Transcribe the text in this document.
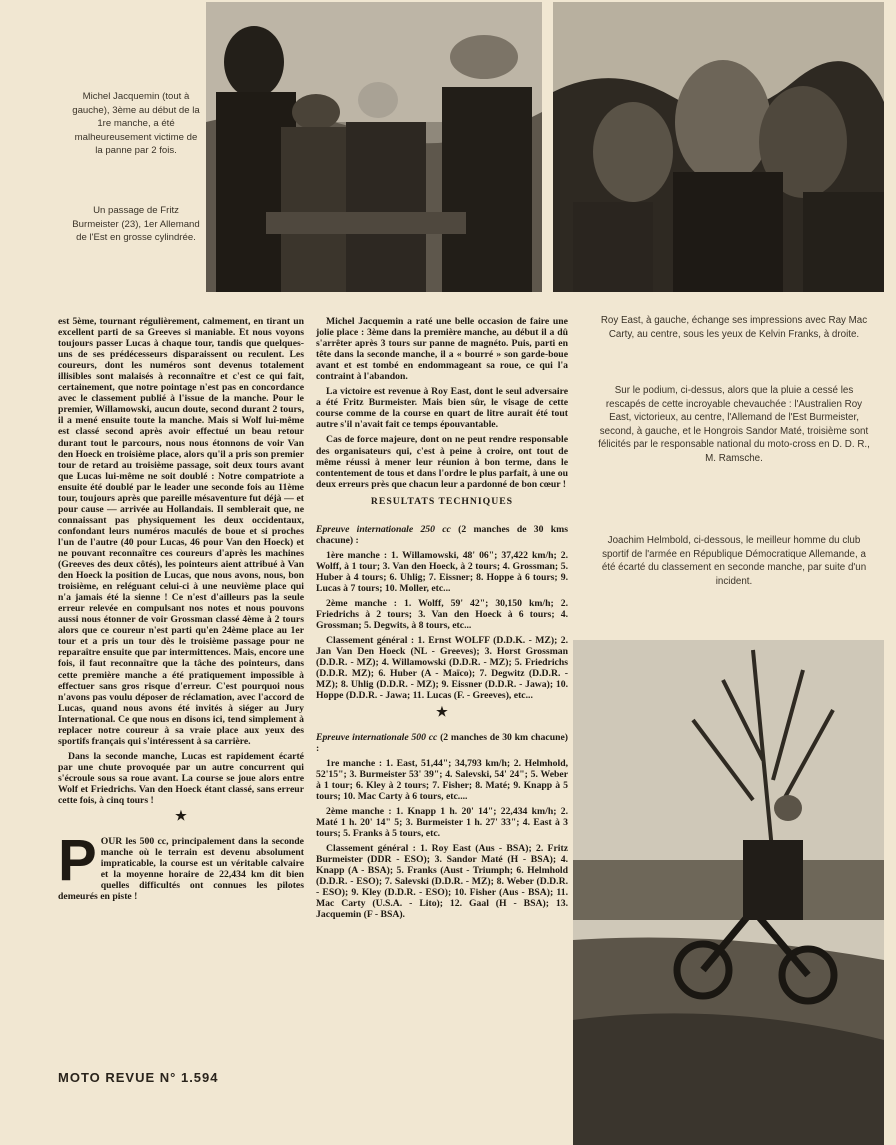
Michel Jacquemin (tout à gauche), 3ème au début de la 1re manche, a été malheureusement victime de la panne par 2 fois.

Un passage de Fritz Burmeister (23), 1er Allemand de l'Est en grosse cylindrée.

Roy East, à gauche, échange ses impressions avec Ray Mac Carty, au centre, sous les yeux de Kelvin Franks, à droite.
Sur le podium, ci-dessus, alors que la pluie a cessé les rescapés de cette incroyable chevauchée : l'Australien Roy East, victorieux, au centre, l'Allemand de l'Est Burmeister, second, à gauche, et le Hongrois Sandor Maté, troisième sont félicités par le responsable national du moto-cross en D. D. R., M. Ramsche.
Joachim Helmbold, ci-dessous, le meilleur homme du club sportif de l'armée en République Démocratique Allemande, a été écarté du classement en seconde manche, par suite d'un incident.

est 5ème, tournant régulièrement, calmement, en tirant un excellent parti de sa Greeves si maniable. Et nous voyons toujours passer Lucas à chaque tour, tandis que quelques-uns de ses prédécesseurs disparaissent ou reculent. Les coureurs, dont les numéros sont devenus totalement illisibles sont malaisés à reconnaître et c'est ce qui fait, certainement, que notre pointage n'est pas en concordance avec le classement publié à l'issue de la manche. Pour le premier, Willamowski, aucun doute, second durant 2 tours, il a mené ensuite toute la manche. Mais si Wolf lui-même est classé second après avoir effectué un beau retour durant tout le parcours, nous nous étonnons de voir Van den Hoeck en troisième place, alors qu'il a pris son premier tour de retard au troisième passage, soit deux tours avant que Lucas lui-même ne soit doublé : Notre compatriote a ensuite été doublé par le leader une seconde fois au 11ème tour, toujours après que pareille mésaventure fut déjà — et pour cause — arrivée au Hollandais. Il semblerait que, ne connaissant pas physiquement les deux occidentaux, confondant leurs numéros maculés de boue et si proches l'un de l'autre (40 pour Lucas, 46 pour Van den Hoeck) et ne pouvant reconnaître ces coureurs d'après les machines (Greeves des deux côtés), les pointeurs aient attribué à Van den Hoeck la position de Lucas, que nous avons, nous, bon troisième, en reléguant celui-ci à une neuvième place qui n'a jamais été la sienne ! Ce n'est d'ailleurs pas la seule erreur relevée en compulsant nos notes et nous pouvons aussi nous étonner de voir Grossman classé 4ème à 2 tours alors que ce coureur n'est parti qu'en 24ème place au 1er tour et a pris un tour dès le troisième passage pour ne reparaître ensuite que par intermittences. Mais, encore une fois, il faut reconnaître que la tâche des pointeurs, dans cette première manche a été pratiquement impossible à effectuer sans gros risque d'erreur. C'est pourquoi nous n'avons pas voulu déposer de réclamation, avec l'accord de Lucas, quand nous avons été invités à siéger au Jury International. Ce que nous en disons ici, tend simplement à replacer notre coureur à sa vraie place aux yeux des sportifs français qui s'intéressent à sa carrière.

Dans la seconde manche, Lucas est rapidement écarté par une chute provoquée par un autre concurrent qui s'écroule sous sa roue avant. La course se joue alors entre Wolf et Friedrichs. Van den Hoeck étant classé, sans erreur cette fois, à cinq tours !

★

POUR les 500 cc, principalement dans la seconde manche où le terrain est devenu absolument impraticable, la course est un véritable calvaire et la moyenne horaire de 22,434 km dit bien quelles difficultés ont connues les pilotes demeurés en piste !

Michel Jacquemin a raté une belle occasion de faire une jolie place : 3ème dans la première manche, au début il a dû s'arrêter après 3 tours sur panne de magnéto. Puis, parti en tête dans la seconde manche, il a « bourré » son garde-boue avant et est tombé en endommageant sa roue, ce qui l'a contraint à l'abandon.

La victoire est revenue à Roy East, dont le seul adversaire a été Fritz Burmeister. Mais bien sûr, le visage de cette course comme de la course en quart de litre aurait été tout autre s'il n'avait fait ce temps épouvantable.

Cas de force majeure, dont on ne peut rendre responsable des organisateurs qui, c'est à peine à croire, ont tout de même réussi à mener leur réunion à bon terme, dans le contentement de tous et dans l'ordre le plus parfait, à une ou deux erreurs près que chacun leur a pardonné de bon cœur !

RESULTATS TECHNIQUES

Epreuve internationale 250 cc (2 manches de 30 kms chacune) :

1ère manche : 1. Willamowski, 48' 06"; 37,422 km/h; 2. Wolff, à 1 tour; 3. Van den Hoeck, à 2 tours; 4. Grossman; 5. Huber à 4 tours; 6. Uhlig; 7. Eissner; 8. Hoppe à 6 tours; 9. Lucas à 7 tours; 10. Moller, etc...

2ème manche : 1. Wolff, 59' 42"; 30,150 km/h; 2. Friedrichs à 2 tours; 3. Van den Hoeck à 6 tours; 4. Grossman; 5. Degwits, à 8 tours, etc...

Classement général : 1. Ernst WOLFF (D.D.K. - MZ); 2. Jan Van Den Hoeck (NL - Greeves); 3. Horst Grossman (D.D.R. - MZ); 4. Willamowski (D.D.R. - MZ); 5. Friedrichs (D.D.R. MZ); 6. Huber (A - Maïco); 7. Degwitz (D.D.R. - MZ); 8. Uhlig (D.D.R. - MZ); 9. Eissner (D.D.R. - Jawa); 10. Hoppe (D.D.R. - Jawa; 11. Lucas (F. - Greeves), etc...

★

Epreuve internationale 500 cc (2 manches de 30 km chacune) :

1re manche : 1. East, 51,44"; 34,793 km/h; 2. Helmhold, 52'15"; 3. Burmeister 53' 39"; 4. Salevski, 54' 24"; 5. Weber à 1 tour; 6. Kley à 2 tours; 7. Fisher; 8. Maté; 9. Knapp à 5 tours; 10. Mac Carty à 6 tours, etc....

2ème manche : 1. Knapp 1 h. 20' 14"; 22,434 km/h; 2. Maté 1 h. 20' 14" 5; 3. Burmeister 1 h. 27' 33"; 4. East à 3 tours; 5. Franks à 5 tours, etc.

Classement général : 1. Roy East (Aus - BSA); 2. Fritz Burmeister (DDR - ESO); 3. Sandor Maté (H - BSA); 4. Knapp (A - BSA); 5. Franks (Aust - Triumph; 6. Helmhold (D.D.R. - ESO); 7. Salevski (D.D.R. - MZ); 8. Weber (D.D.R. - ESO); 9. Kley (D.D.R. - ESO); 10. Fisher (Aus - BSA); 11. Mac Carty (U.S.A. - Lito); 12. Gaal (H - BSA); 13. Jacquemin (F - BSA).

MOTO REVUE N° 1.594
